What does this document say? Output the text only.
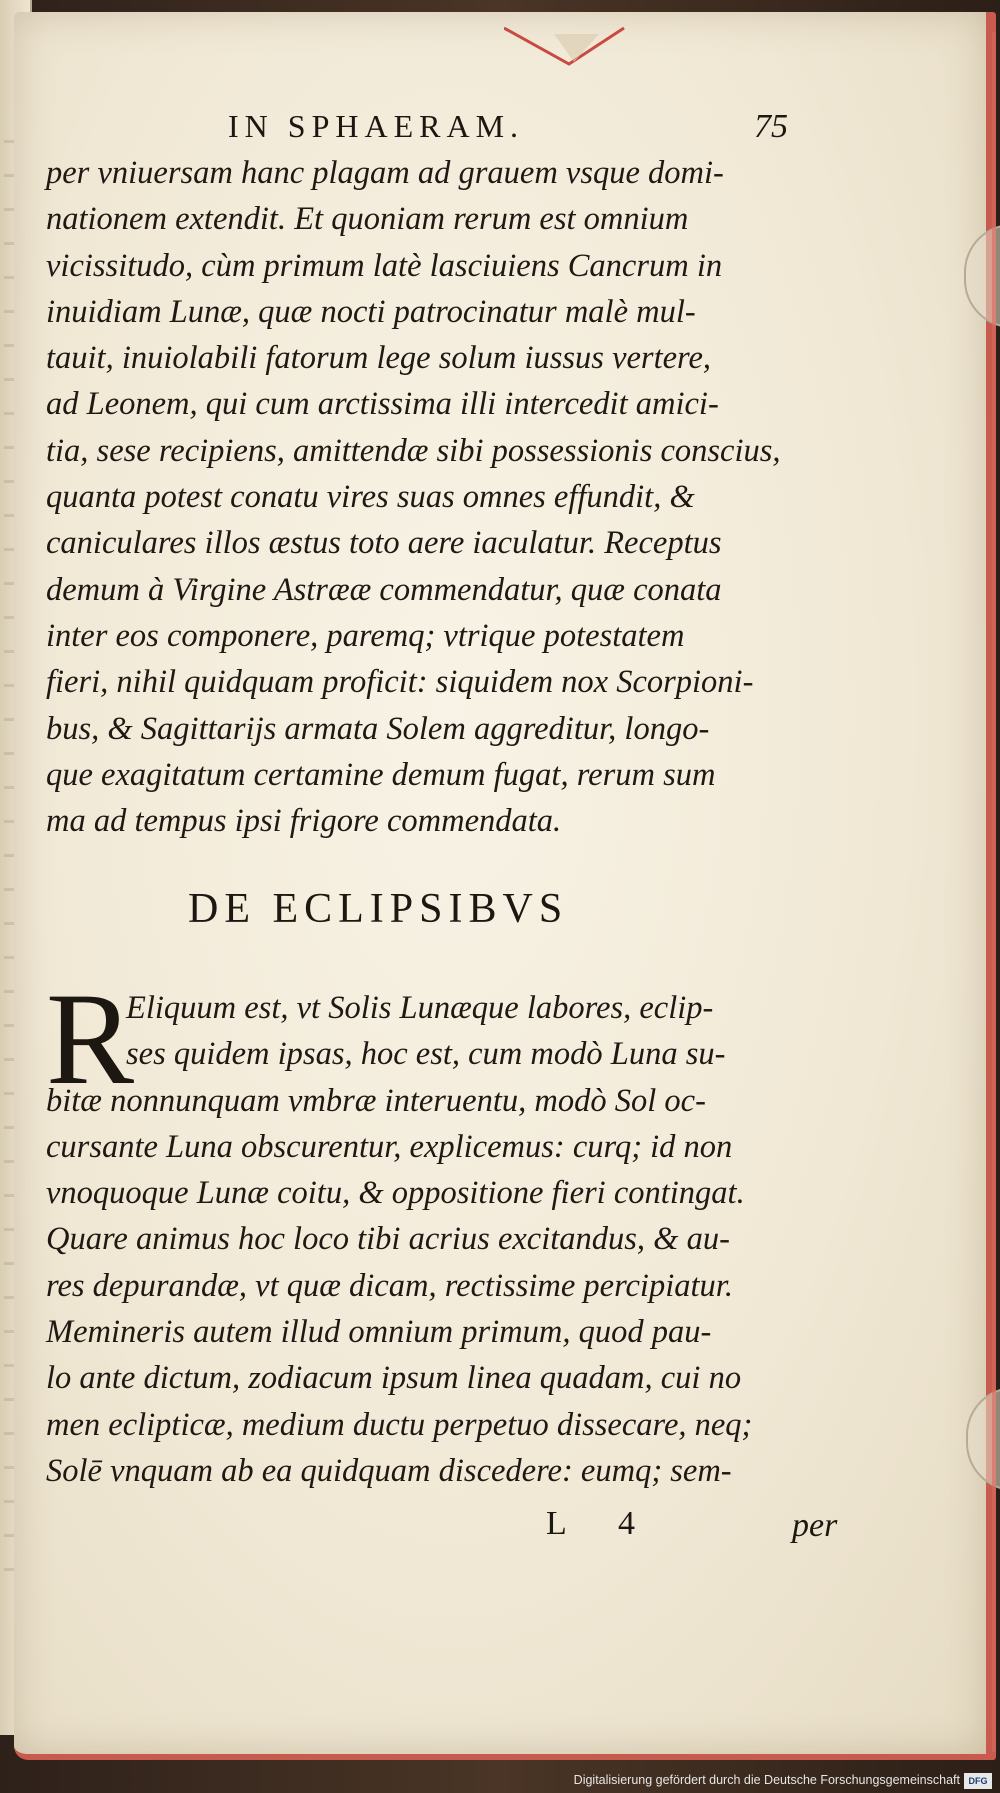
IN SPHAERAM.	75
per vniuersam hanc plagam ad grauem vsque domi-
nationem extendit. Et quoniam rerum est omnium
vicissitudo, cùm primum latè lasciuiens Cancrum in
inuidiam Lunæ, quæ nocti patrocinatur malè mul-
tauit, inuiolabili fatorum lege solum iussus vertere,
ad Leonem, qui cum arctissima illi intercedit amici-
tia, sese recipiens, amittendæ sibi possessionis conscius,
quanta potest conatu vires suas omnes effundit, &
caniculares illos æstus toto aere iaculatur. Receptus
demum à Virgine Astrææ commendatur, quæ conata
inter eos componere, paremq; vtrique potestatem
fieri, nihil quidquam proficit: siquidem nox Scorpioni-
bus, & Sagittarijs armata Solem aggreditur, longo-
que exagitatum certamine demum fugat, rerum sum
ma ad tempus ipsi frigore commendata.
DE ECLIPSIBVS
R
Eliquum est, vt Solis Lunæque labores, eclip-
ses quidem ipsas, hoc est, cum modò Luna su-
bitæ nonnunquam vmbræ interuentu, modò Sol oc-
cursante Luna obscurentur, explicemus: curq; id non
vnoquoque Lunæ coitu, & oppositione fieri contingat.
Quare animus hoc loco tibi acrius excitandus, & au-
res depurandæ, vt quæ dicam, rectissime percipiatur.
Memineris autem illud omnium primum, quod pau-
lo ante dictum, zodiacum ipsum linea quadam, cui no
men eclipticæ, medium ductu perpetuo dissecare, neq;
Solē vnquam ab ea quidquam discedere: eumq; sem-
L 4	per
Digitalisierung gefördert durch die Deutsche Forschungsgemeinschaft DFG
